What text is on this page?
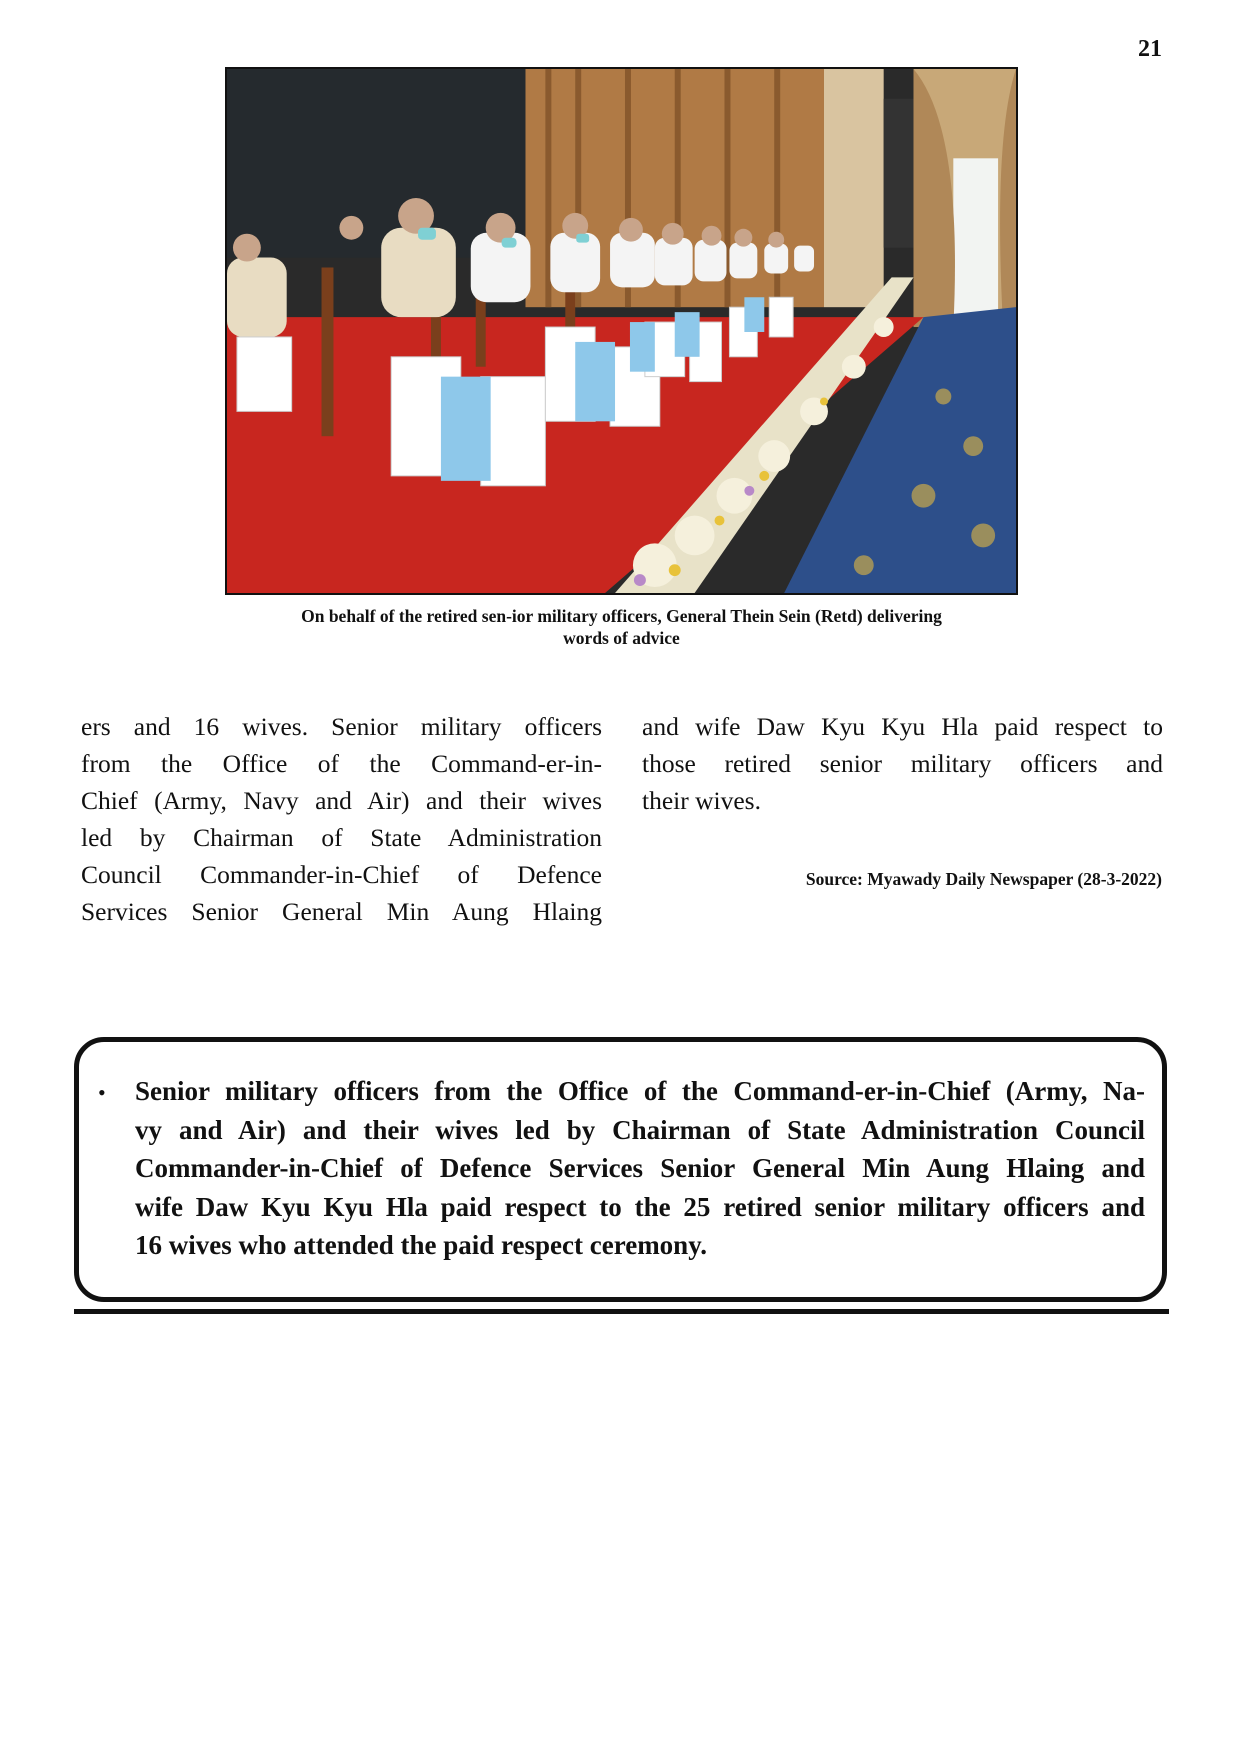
21
On behalf of the retired sen-ior military officers, General Thein Sein (Retd) delivering
words of advice
ers and 16 wives. Senior military officers
from the Office of the Command-er-in-
Chief (Army, Navy and Air) and their wives
led by Chairman of State Administration
Council Commander-in-Chief of Defence
Services Senior General Min Aung Hlaing
and wife Daw Kyu Kyu Hla paid respect to
those retired senior military officers and
their wives.
Source: Myawady Daily Newspaper (28-3-2022)
• Senior military officers from the Office of the Command-er-in-Chief (Army, Na-
vy and Air) and their wives led by Chairman of State Administration Council
Commander-in-Chief of Defence Services Senior General Min Aung Hlaing and
wife Daw Kyu Kyu Hla paid respect to the 25 retired senior military officers and
16 wives who attended the paid respect ceremony.
